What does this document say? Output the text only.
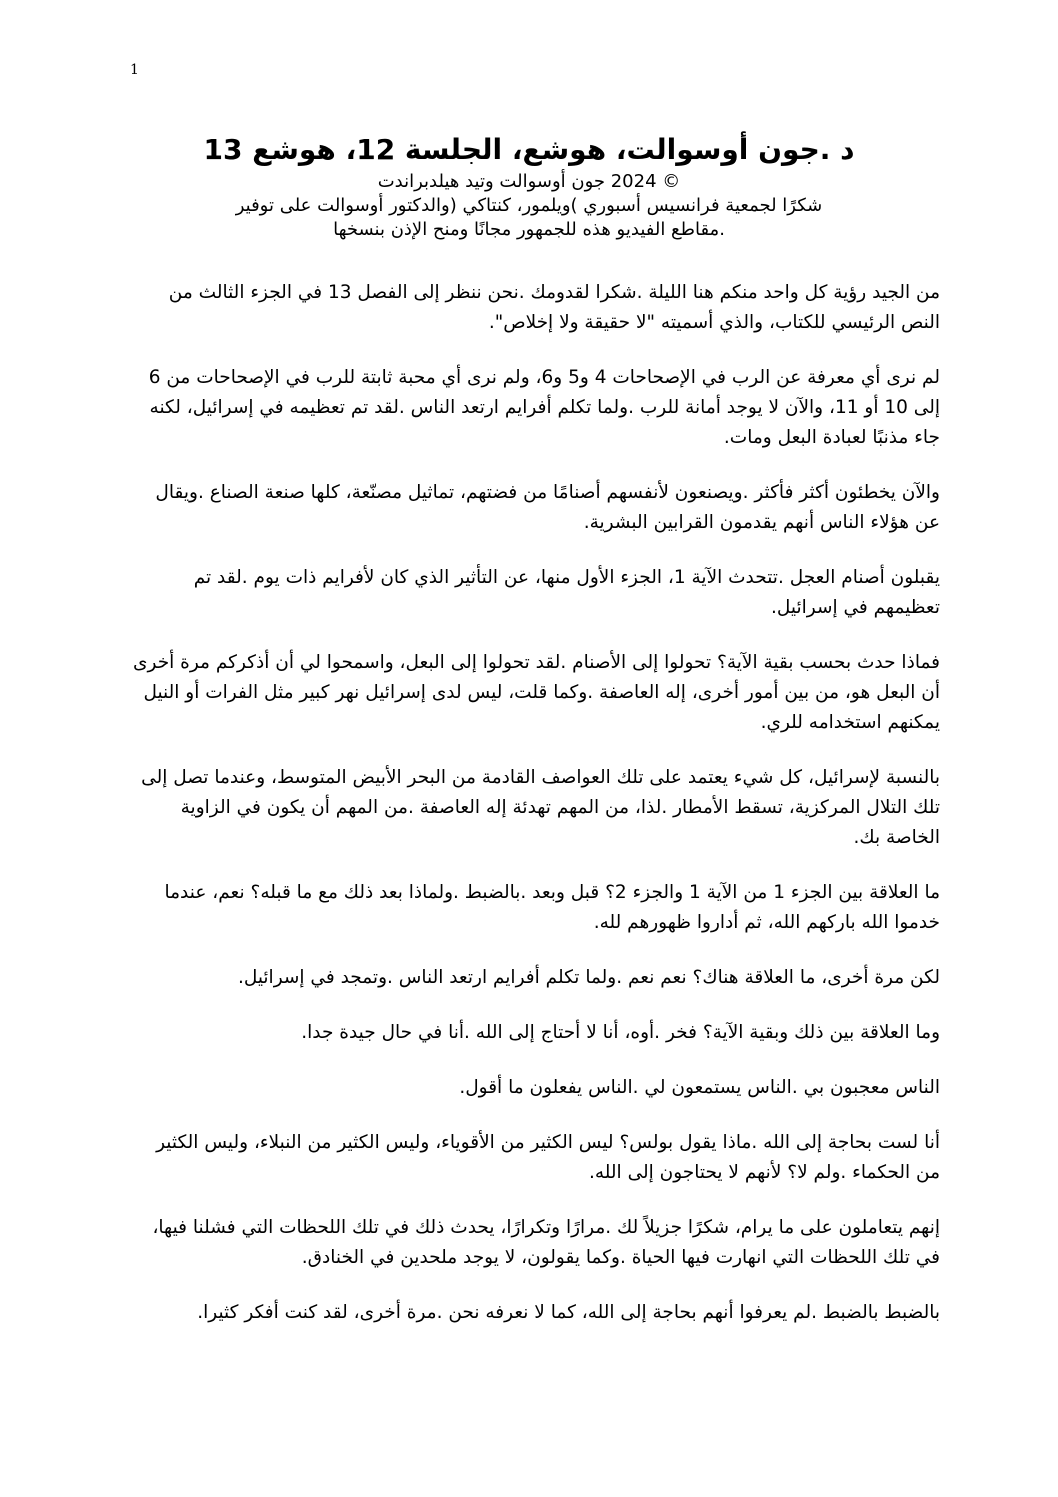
1
د .جون أوسوالت، هوشع، الجلسة 12، هوشع 13

© 2024 جون أوسوالت وتيد هيلدبراندت

شكرًا لجمعية فرانسيس أسبوري )ويلمور، كنتاكي (والدكتور أوسوالت على توفير

.مقاطع الفيديو هذه للجمهور مجانًا ومنح الإذن بنسخها

من الجيد رؤية كل واحد منكم هنا الليلة .شكرا لقدومك .نحن ننظر إلى الفصل 13 في الجزء الثالث من النص الرئيسي للكتاب، والذي أسميته "لا حقيقة ولا إخلاص".

لم نرى أي معرفة عن الرب في الإصحاحات 4 و5 و6، ولم نرى أي محبة ثابتة للرب في الإصحاحات من 6 إلى 10 أو 11، والآن لا يوجد أمانة للرب .ولما تكلم أفرايم ارتعد الناس .لقد تم تعظيمه في إسرائيل، لكنه جاء مذنبًا لعبادة البعل ومات.

والآن يخطئون أكثر فأكثر .ويصنعون لأنفسهم أصنامًا من فضتهم، تماثيل مصنّعة، كلها صنعة الصناع .ويقال عن هؤلاء الناس أنهم يقدمون القرابين البشرية.

يقبلون أصنام العجل .تتحدث الآية 1، الجزء الأول منها، عن التأثير الذي كان لأفرايم ذات يوم .لقد تم تعظيمهم في إسرائيل.

فماذا حدث بحسب بقية الآية؟ تحولوا إلى الأصنام .لقد تحولوا إلى البعل، واسمحوا لي أن أذكركم مرة أخرى أن البعل هو، من بين أمور أخرى، إله العاصفة .وكما قلت، ليس لدى إسرائيل نهر كبير مثل الفرات أو النيل يمكنهم استخدامه للري.

بالنسبة لإسرائيل، كل شيء يعتمد على تلك العواصف القادمة من البحر الأبيض المتوسط، وعندما تصل إلى تلك التلال المركزية، تسقط الأمطار .لذا، من المهم تهدئة إله العاصفة .من المهم أن يكون في الزاوية الخاصة بك.

ما العلاقة بين الجزء 1 من الآية 1 والجزء 2؟ قبل وبعد .بالضبط .ولماذا بعد ذلك مع ما قبله؟ نعم، عندما خدموا الله باركهم الله، ثم أداروا ظهورهم لله.

لكن مرة أخرى، ما العلاقة هناك؟ نعم نعم .ولما تكلم أفرايم ارتعد الناس .وتمجد في إسرائيل.

وما العلاقة بين ذلك وبقية الآية؟ فخر .أوه، أنا لا أحتاج إلى الله .أنا في حال جيدة جدا.

الناس معجبون بي .الناس يستمعون لي .الناس يفعلون ما أقول.

أنا لست بحاجة إلى الله .ماذا يقول بولس؟ ليس الكثير من الأقوياء، وليس الكثير من النبلاء، وليس الكثير من الحكماء .ولم لا؟ لأنهم لا يحتاجون إلى الله.

إنهم يتعاملون على ما يرام، شكرًا جزيلاً لك .مرارًا وتكرارًا، يحدث ذلك في تلك اللحظات التي فشلنا فيها، في تلك اللحظات التي انهارت فيها الحياة .وكما يقولون، لا يوجد ملحدين في الخنادق.

بالضبط بالضبط .لم يعرفوا أنهم بحاجة إلى الله، كما لا نعرفه نحن .مرة أخرى، لقد كنت أفكر كثيرا.
